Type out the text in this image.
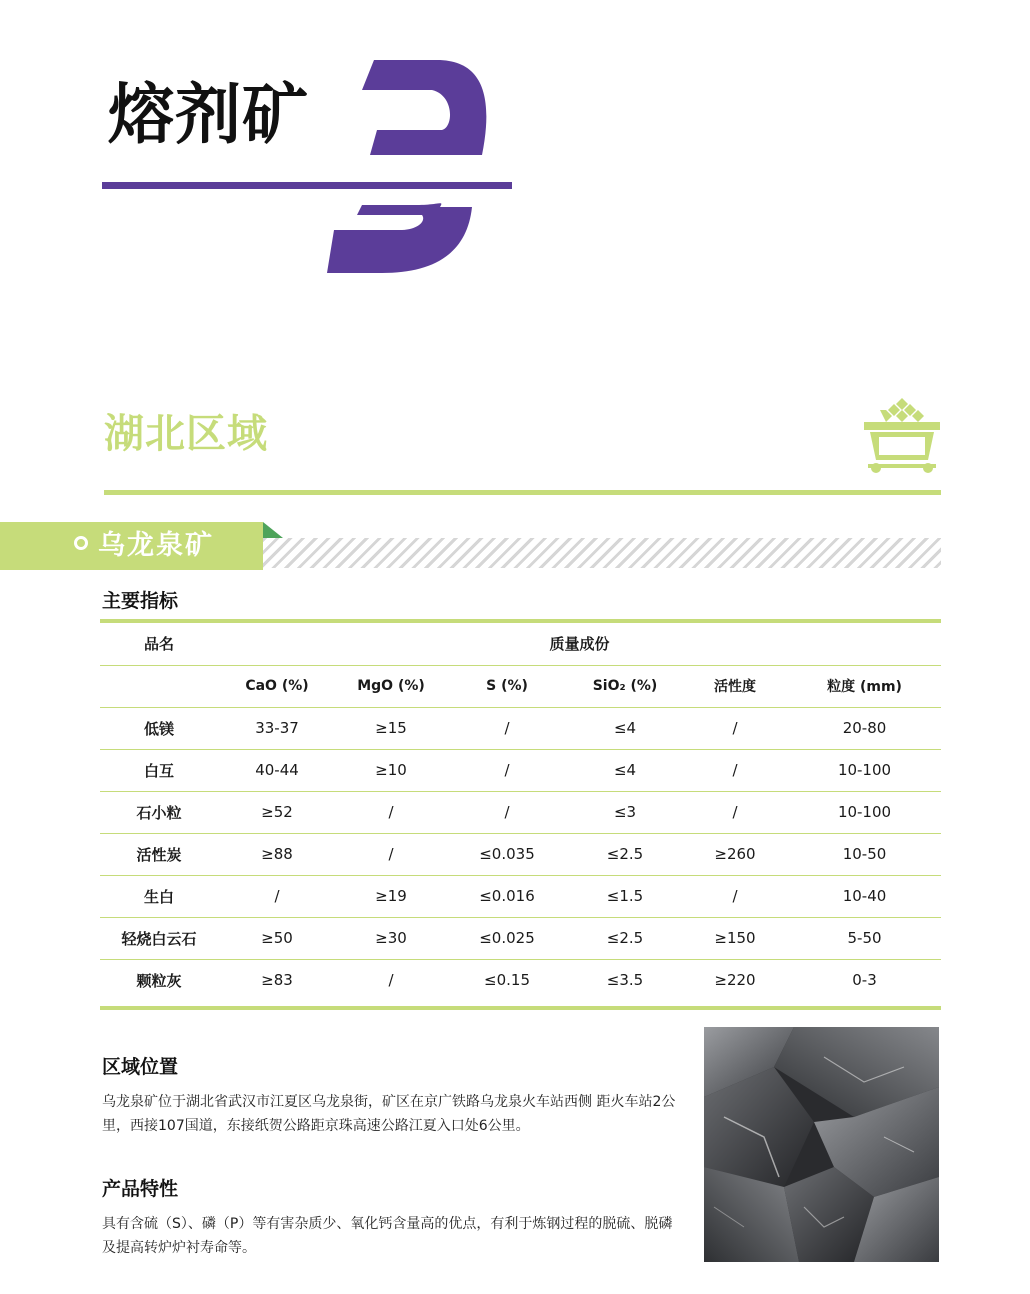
熔剂矿
湖北区域
乌龙泉矿
主要指标
品名	质量成份					
	CaO (%)	MgO (%)	S (%)	SiO₂ (%)	活性度	粒度 (mm)
低镁	33-37	≥15	/	≤4	/	20-80
白互	40-44	≥10	/	≤4	/	10-100
石小粒	≥52	/	/	≤3	/	10-100
活性炭	≥88	/	≤0.035	≤2.5	≥260	10-50
生白	/	≥19	≤0.016	≤1.5	/	10-40
轻烧白云石	≥50	≥30	≤0.025	≤2.5	≥150	5-50
颗粒灰	≥83	/	≤0.15	≤3.5	≥220	0-3
区域位置

乌龙泉矿位于湖北省武汉市江夏区乌龙泉街，矿区在京广铁路乌龙泉火车站西侧 距火车站2公里，西接107国道，东接纸贺公路距京珠高速公路江夏入口处6公里。

产品特性

具有含硫（S）、磷（P）等有害杂质少、氧化钙含量高的优点，有利于炼钢过程的脱硫、脱磷及提高转炉炉衬寿命等。
